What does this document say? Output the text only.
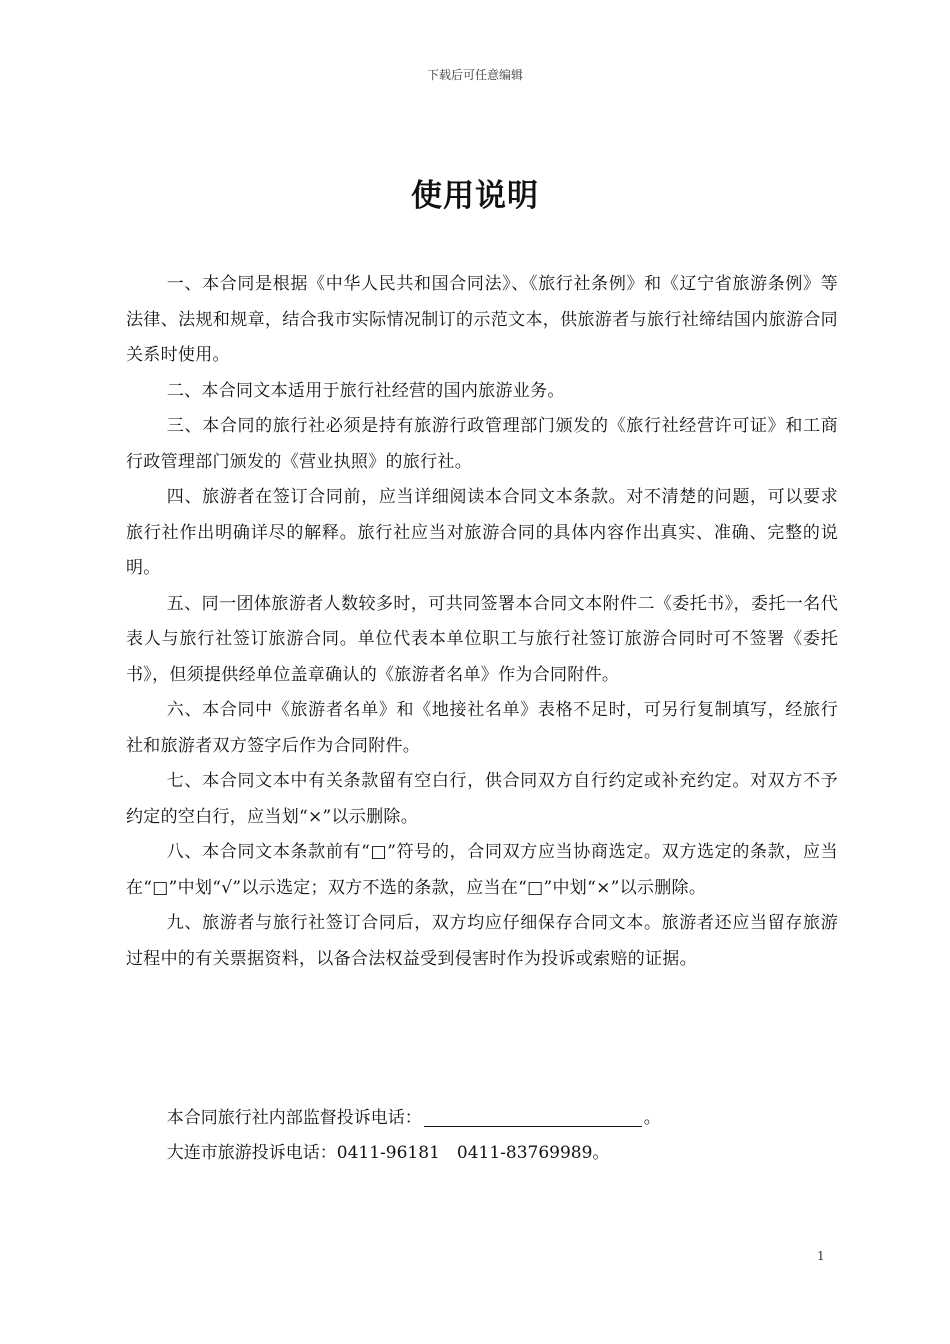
下载后可任意编辑
使用说明

一、本合同是根据《中华人民共和国合同法》、《旅行社条例》和《辽宁省旅游条例》等法律、法规和规章，结合我市实际情况制订的示范文本，供旅游者与旅行社缔结国内旅游合同关系时使用。

二、本合同文本适用于旅行社经营的国内旅游业务。

三、本合同的旅行社必须是持有旅游行政管理部门颁发的《旅行社经营许可证》和工商行政管理部门颁发的《营业执照》的旅行社。

四、旅游者在签订合同前，应当详细阅读本合同文本条款。对不清楚的问题，可以要求旅行社作出明确详尽的解释。旅行社应当对旅游合同的具体内容作出真实、准确、完整的说明。

五、同一团体旅游者人数较多时，可共同签署本合同文本附件二《委托书》，委托一名代表人与旅行社签订旅游合同。单位代表本单位职工与旅行社签订旅游合同时可不签署《委托书》，但须提供经单位盖章确认的《旅游者名单》作为合同附件。

六、本合同中《旅游者名单》和《地接社名单》表格不足时，可另行复制填写，经旅行社和旅游者双方签字后作为合同附件。

七、本合同文本中有关条款留有空白行，供合同双方自行约定或补充约定。对双方不予约定的空白行，应当划“×”以示删除。

八、本合同文本条款前有“□”符号的，合同双方应当协商选定。双方选定的条款，应当在“□”中划“√”以示选定；双方不选的条款，应当在“□”中划“×”以示删除。

九、旅游者与旅行社签订合同后，双方均应仔细保存合同文本。旅游者还应当留存旅游过程中的有关票据资料，以备合法权益受到侵害时作为投诉或索赔的证据。

本合同旅行社内部监督投诉电话：	。

大连市旅游投诉电话：0411-96181　0411-83769989。

1
